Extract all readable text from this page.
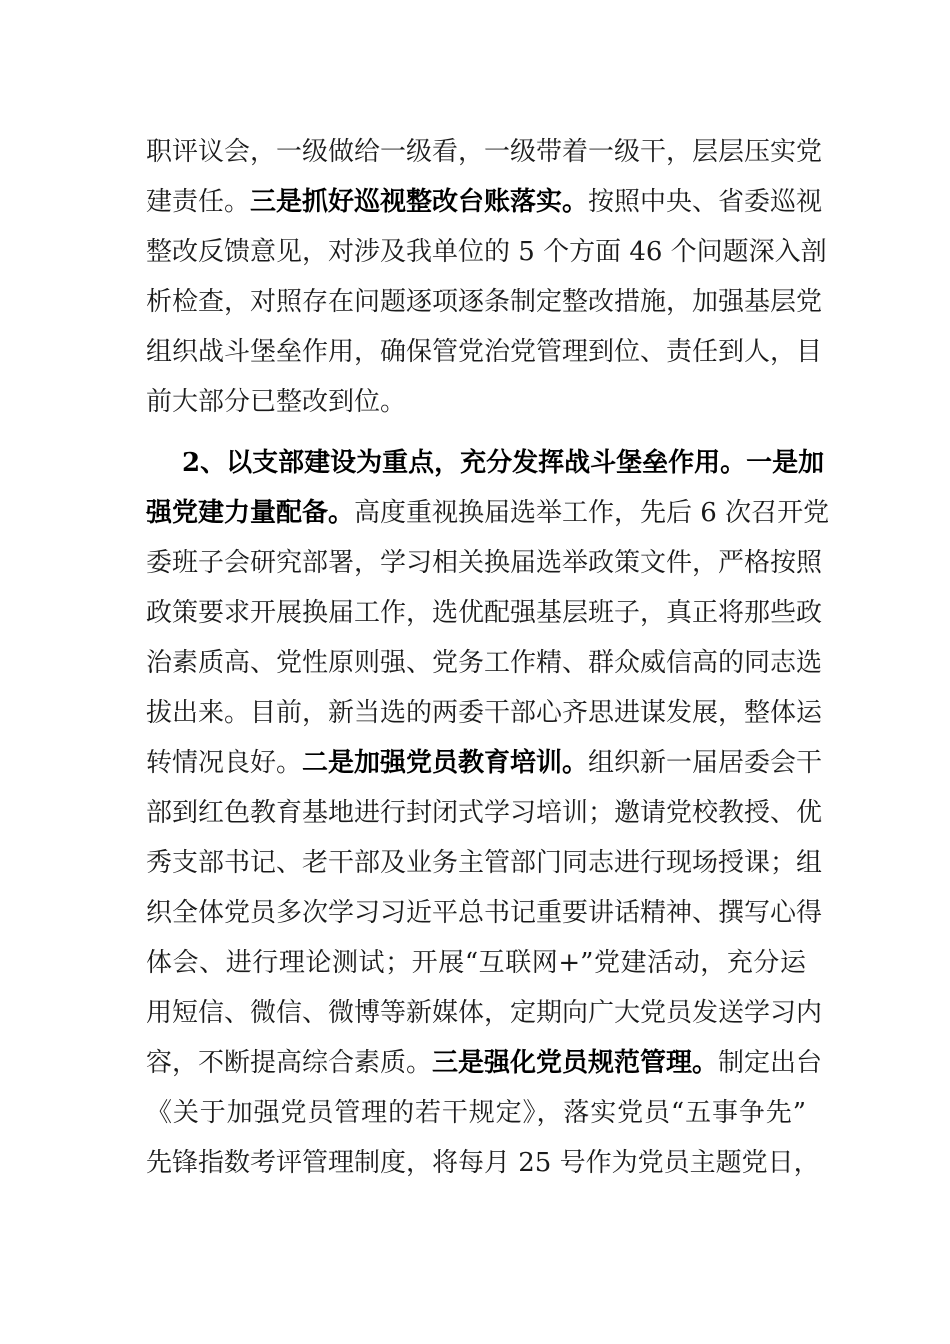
职评议会，一级做给一级看，一级带着一级干，层层压实党
建责任。三是抓好巡视整改台账落实。按照中央、省委巡视
整改反馈意见，对涉及我单位的 5 个方面 46 个问题深入剖
析检查，对照存在问题逐项逐条制定整改措施，加强基层党
组织战斗堡垒作用，确保管党治党管理到位、责任到人，目
前大部分已整改到位。
2、以支部建设为重点，充分发挥战斗堡垒作用。一是加
强党建力量配备。高度重视换届选举工作，先后 6 次召开党
委班子会研究部署，学习相关换届选举政策文件，严格按照
政策要求开展换届工作，选优配强基层班子，真正将那些政
治素质高、党性原则强、党务工作精、群众威信高的同志选
拔出来。目前，新当选的两委干部心齐思进谋发展，整体运
转情况良好。二是加强党员教育培训。组织新一届居委会干
部到红色教育基地进行封闭式学习培训；邀请党校教授、优
秀支部书记、老干部及业务主管部门同志进行现场授课；组
织全体党员多次学习习近平总书记重要讲话精神、撰写心得
体会、进行理论测试；开展“互联网+”党建活动，充分运
用短信、微信、微博等新媒体，定期向广大党员发送学习内
容，不断提高综合素质。三是强化党员规范管理。制定出台
《关于加强党员管理的若干规定》，落实党员“五事争先”
先锋指数考评管理制度，将每月 25 号作为党员主题党日，
